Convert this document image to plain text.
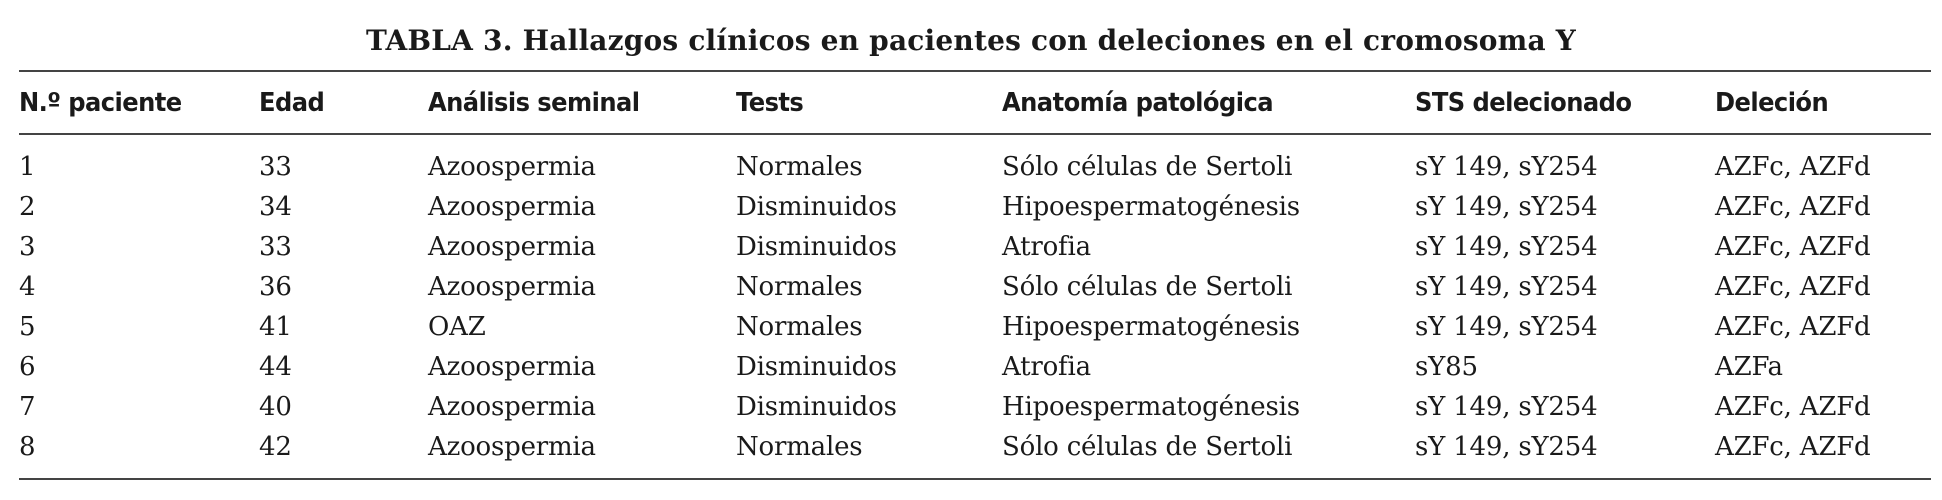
TABLA 3. Hallazgos clínicos en pacientes con deleciones en el cromosoma Y
N.º paciente	Edad	Análisis seminal	Tests	Anatomía patológica	STS delecionado	Deleción
1	33	Azoospermia	Normales	Sólo células de Sertoli	sY 149, sY254	AZFc, AZFd
2	34	Azoospermia	Disminuidos	Hipoespermatogénesis	sY 149, sY254	AZFc, AZFd
3	33	Azoospermia	Disminuidos	Atrofia	sY 149, sY254	AZFc, AZFd
4	36	Azoospermia	Normales	Sólo células de Sertoli	sY 149, sY254	AZFc, AZFd
5	41	OAZ	Normales	Hipoespermatogénesis	sY 149, sY254	AZFc, AZFd
6	44	Azoospermia	Disminuidos	Atrofia	sY85	AZFa
7	40	Azoospermia	Disminuidos	Hipoespermatogénesis	sY 149, sY254	AZFc, AZFd
8	42	Azoospermia	Normales	Sólo células de Sertoli	sY 149, sY254	AZFc, AZFd
